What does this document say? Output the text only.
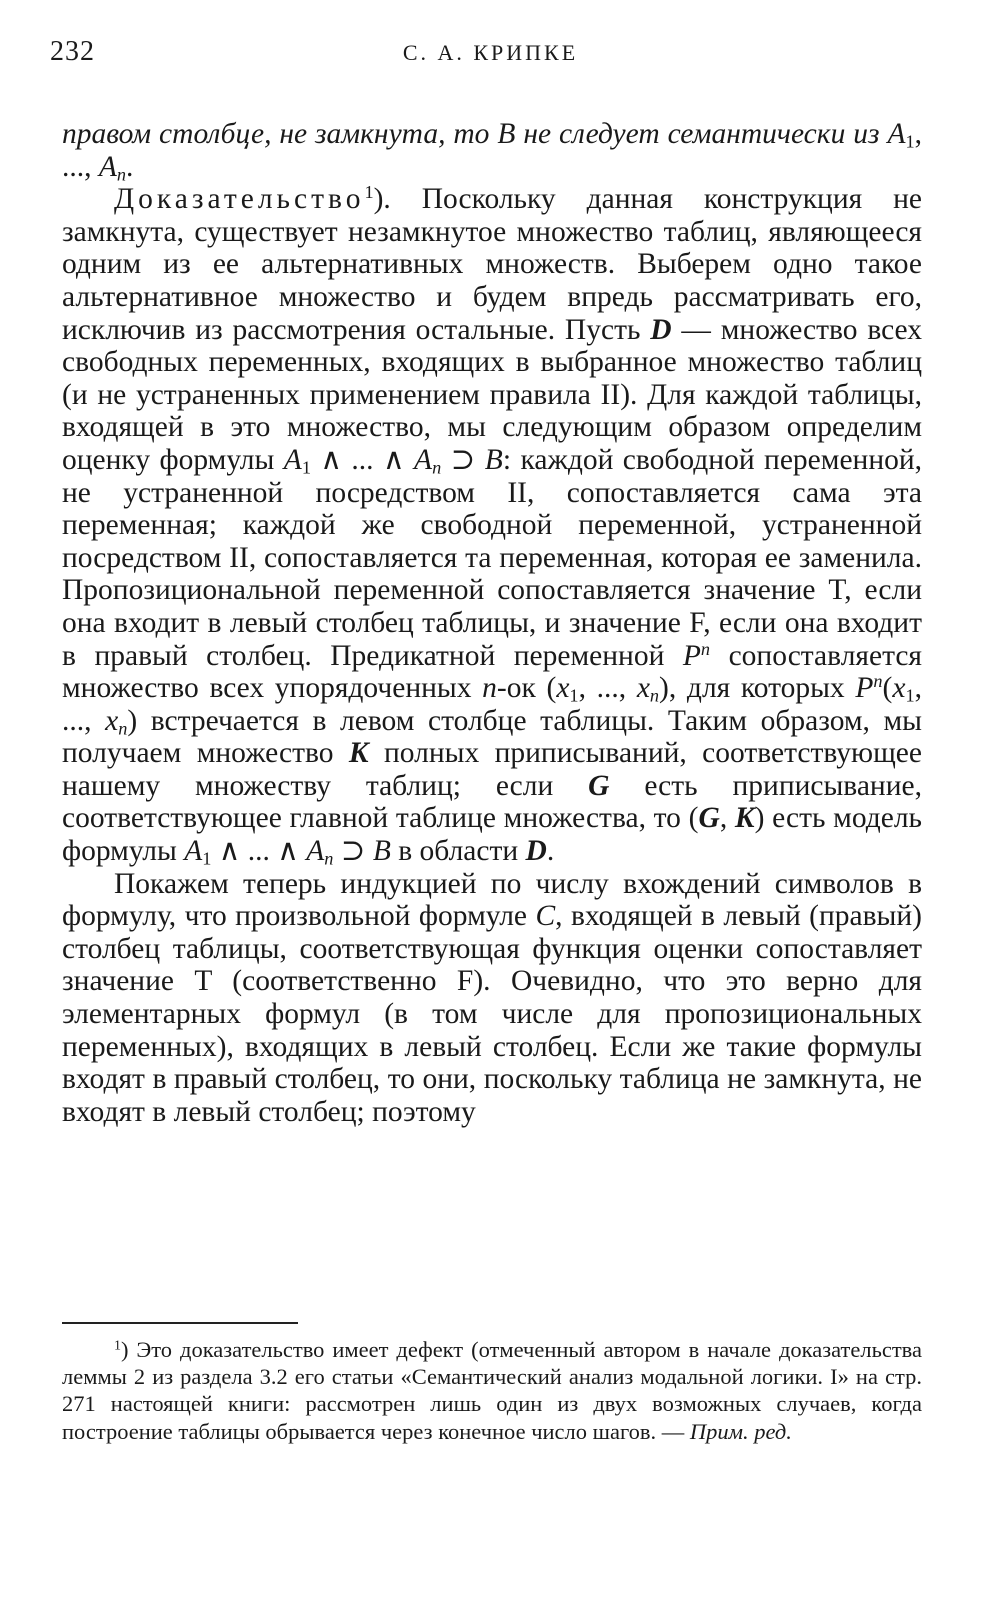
232	С. А. КРИПКЕ

правом столбце, не замкнута, то B не следует семантически из $A_1$, ..., $A_n$.

Доказательство$^1$). Поскольку данная конструкция не замкнута, существует незамкнутое множество таблиц, являющееся одним из ее альтернативных множеств. Выберем одно такое альтернативное множество и будем впредь рассматривать его, исключив из рассмотрения остальные. Пусть D — множество всех свободных переменных, входящих в выбранное множество таблиц (и не устраненных применением правила II). Для каждой таблицы, входящей в это множество, мы следующим образом определим оценку формулы $A_1$ ∧ ... ∧ $A_n$ ⊃ B: каждой свободной переменной, не устраненной посредством II, сопоставляется сама эта переменная; каждой же свободной переменной, устраненной посредством II, сопоставляется та переменная, которая ее заменила. Пропозициональной переменной сопоставляется значение T, если она входит в левый столбец таблицы, и значение F, если она входит в правый столбец. Предикатной переменной $P^n$ сопоставляется множество всех упорядоченных n-ок ($x_1$, ..., $x_n$), для которых $P^n(x_1$, ..., $x_n$) встречается в левом столбце таблицы. Таким образом, мы получаем множество K полных приписываний, соответствующее нашему множеству таблиц; если G есть приписывание, соответствующее главной таблице множества, то (G, K) есть модель формулы $A_1$ ∧ ... ∧ $A_n$ ⊃ B в области D.

Покажем теперь индукцией по числу вхождений символов в формулу, что произвольной формуле C, входящей в левый (правый) столбец таблицы, соответствующая функция оценки сопоставляет значение T (соответственно F). Очевидно, что это верно для элементарных формул (в том числе для пропозициональных переменных), входящих в левый столбец. Если же такие формулы входят в правый столбец, то они, поскольку таблица не замкнута, не входят в левый столбец; поэтому

$^1$) Это доказательство имеет дефект (отмеченный автором в начале доказательства леммы 2 из раздела 3.2 его статьи «Семантический анализ модальной логики. I» на стр. 271 настоящей книги: рассмотрен лишь один из двух возможных случаев, когда построение таблицы обрывается через конечное число шагов. — Прим. ред.
